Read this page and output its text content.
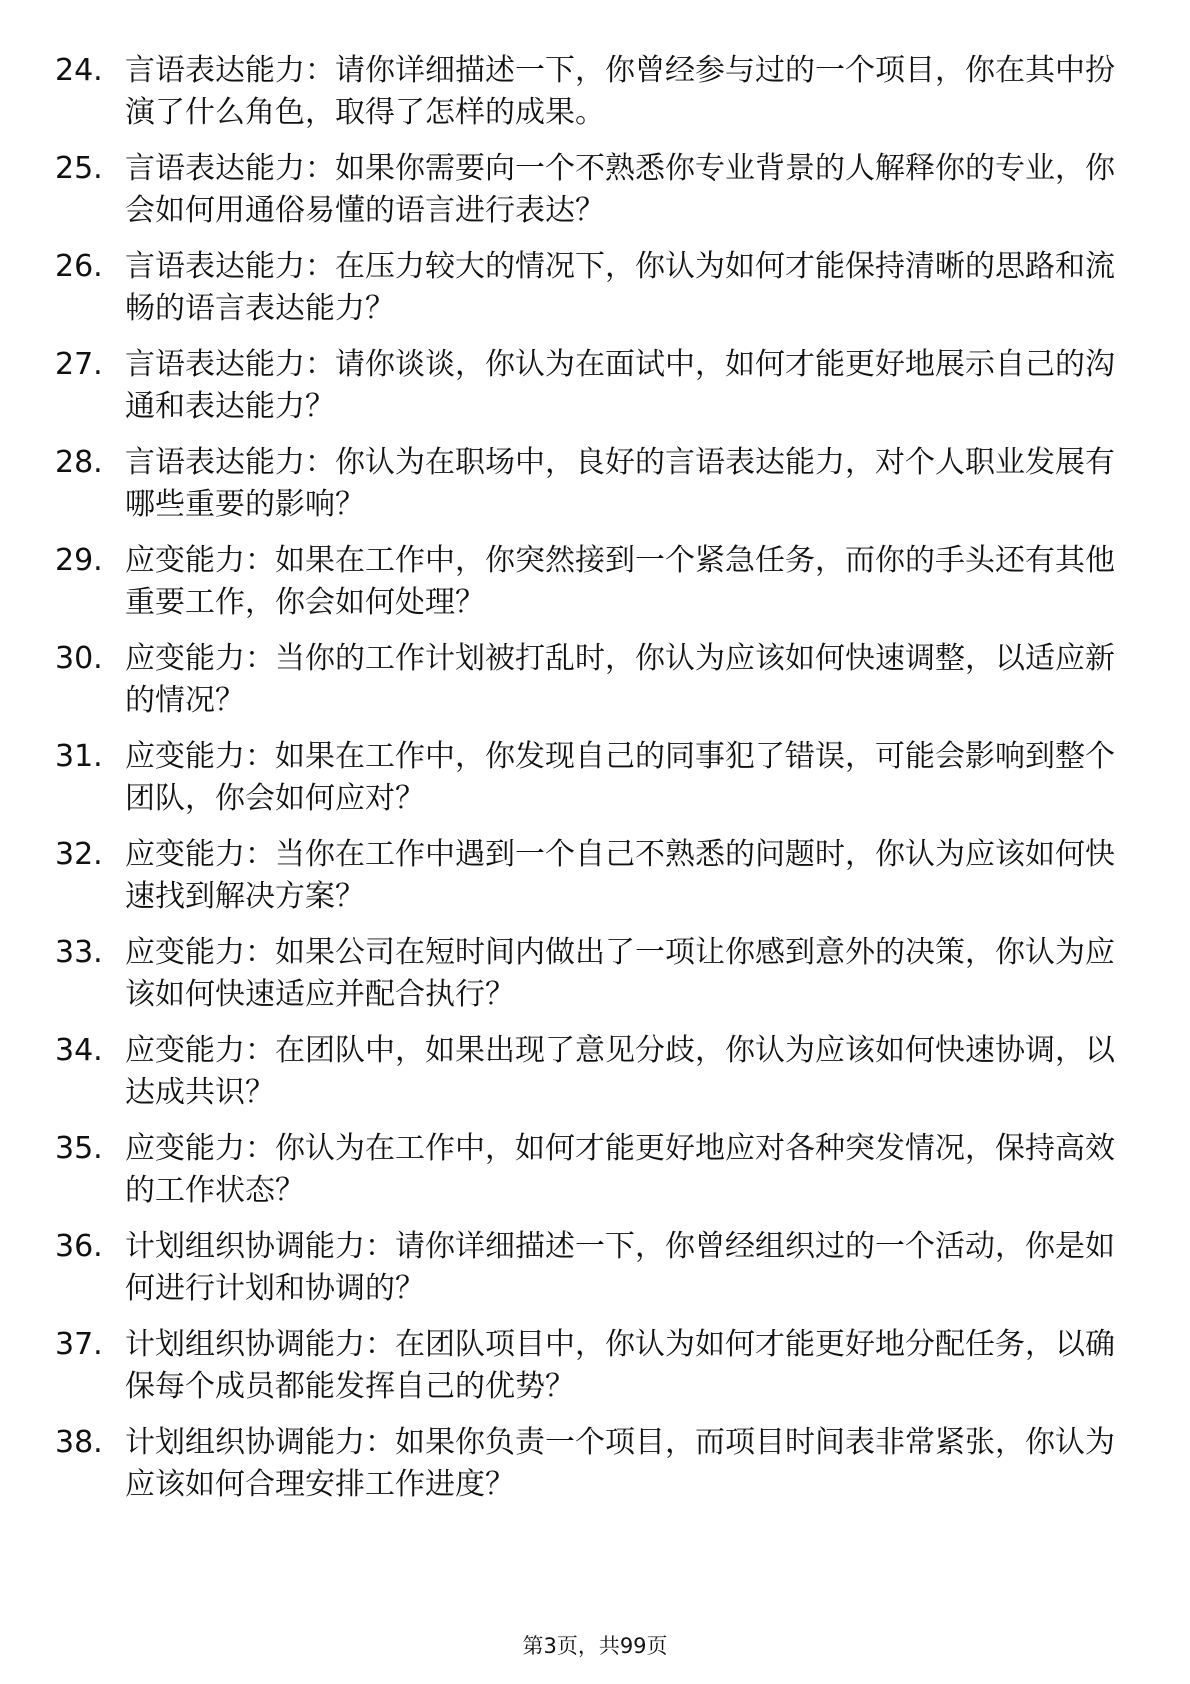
24. 言语表达能力：请你详细描述一下，你曾经参与过的一个项目，你在其中扮演了什么角色，取得了怎样的成果。
25. 言语表达能力：如果你需要向一个不熟悉你专业背景的人解释你的专业，你会如何用通俗易懂的语言进行表达？
26. 言语表达能力：在压力较大的情况下，你认为如何才能保持清晰的思路和流畅的语言表达能力？
27. 言语表达能力：请你谈谈，你认为在面试中，如何才能更好地展示自己的沟通和表达能力？
28. 言语表达能力：你认为在职场中，良好的言语表达能力，对个人职业发展有哪些重要的影响？
29. 应变能力：如果在工作中，你突然接到一个紧急任务，而你的手头还有其他重要工作，你会如何处理？
30. 应变能力：当你的工作计划被打乱时，你认为应该如何快速调整，以适应新的情况？
31. 应变能力：如果在工作中，你发现自己的同事犯了错误，可能会影响到整个团队，你会如何应对？
32. 应变能力：当你在工作中遇到一个自己不熟悉的问题时，你认为应该如何快速找到解决方案？
33. 应变能力：如果公司在短时间内做出了一项让你感到意外的决策，你认为应该如何快速适应并配合执行？
34. 应变能力：在团队中，如果出现了意见分歧，你认为应该如何快速协调，以达成共识？
35. 应变能力：你认为在工作中，如何才能更好地应对各种突发情况，保持高效的工作状态？
36. 计划组织协调能力：请你详细描述一下，你曾经组织过的一个活动，你是如何进行计划和协调的？
37. 计划组织协调能力：在团队项目中，你认为如何才能更好地分配任务，以确保每个成员都能发挥自己的优势？
38. 计划组织协调能力：如果你负责一个项目，而项目时间表非常紧张，你认为应该如何合理安排工作进度？
第3页，共99页
